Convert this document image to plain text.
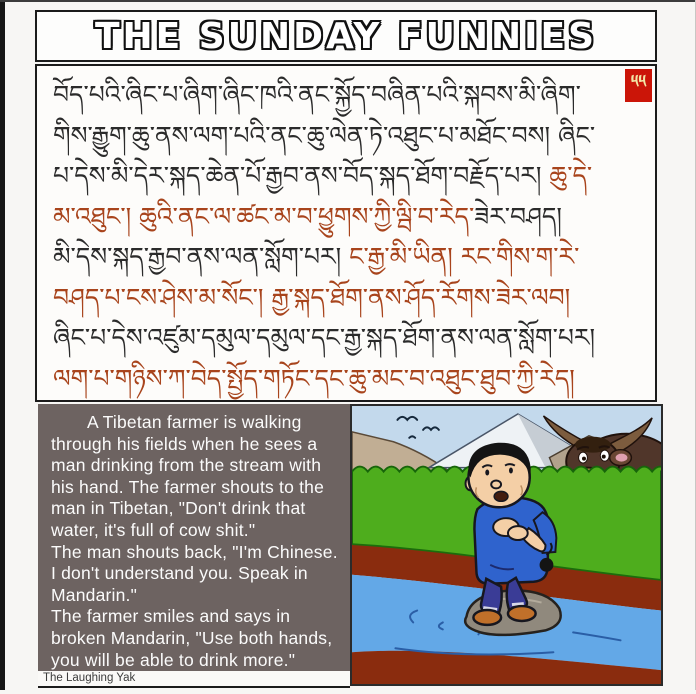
THE SUNDAY FUNNIES
༥༥
བོད་པའི་ཞིང་པ་ཞིག་ཞིང་ཁའི་ནང་སྐྱོད་བཞིན་པའི་སྐབས་མི་ཞིག་
གིས་རྒྱུག་ཆུ་ནས་ལག་པའི་ནང་ཆུ་ལེན་ཏེ་འཐུང་པ་མཐོང་བས། ཞིང་
པ་དེས་མི་དེར་སྐད་ཆེན་པོ་རྒྱབ་ནས་བོད་སྐད་ཐོག་བརྗོད་པར། ཆུ་དེ་
མ་འཐུང་། ཆུའི་ནང་ལ་ཚང་མ་བ་ཕྱུགས་ཀྱི་ལྦི་བ་རེད་ཟེར་བཤད།
མི་དེས་སྐད་རྒྱབ་ནས་ལན་སློག་པར། ང་རྒྱ་མི་ཡིན། རང་གིས་ག་རེ་
བཤད་པ་ངས་ཤེས་མ་སོང་། རྒྱ་སྐད་ཐོག་ནས་ཤོད་རོགས་ཟེར་ལབ།
ཞིང་པ་དེས་འཛུམ་དམུལ་དམུལ་དང་རྒྱ་སྐད་ཐོག་ནས་ལན་སློག་པར།
ལག་པ་གཉིས་ཀ་བེད་སྤྱོད་གཏོང་དང་ཆུ་མང་བ་འཐུང་ཐུབ་ཀྱི་རེད།

A Tibetan farmer is walking through his fields when he sees a man drinking from the stream with his hand. The farmer shouts to the man in Tibetan, "Don't drink that water, it's full of cow shit."

The man shouts back, "I'm Chinese. I don't understand you. Speak in Mandarin."

The farmer smiles and says in broken Mandarin, "Use both hands, you will be able to drink more."

The Laughing Yak
